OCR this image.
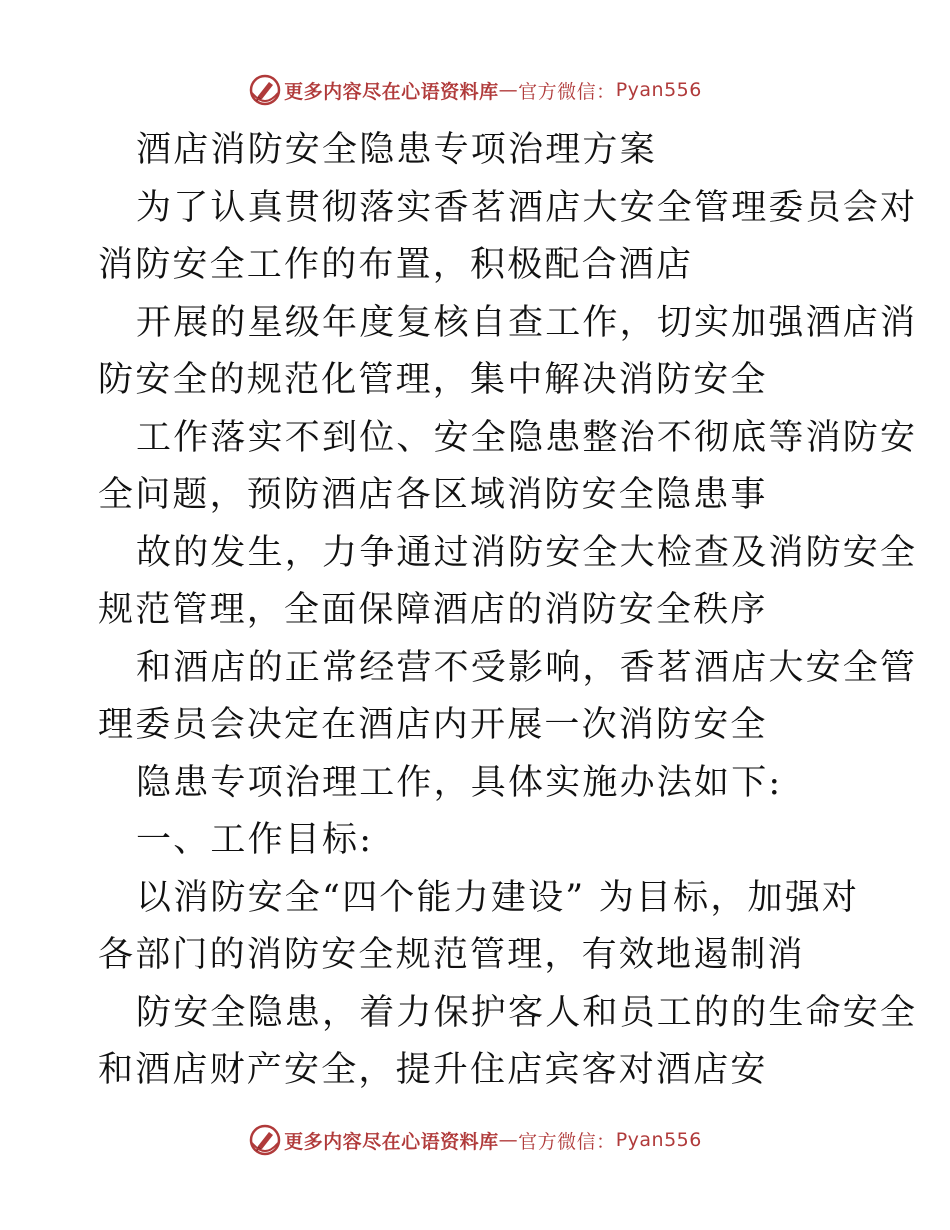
更多内容尽在心语资料库 — 官方微信： Pyan556
酒店消防安全隐患专项治理方案
为了认真贯彻落实香茗酒店大安全管理委员会对
消防安全工作的布置，积极配合酒店
开展的星级年度复核自查工作，切实加强酒店消
防安全的规范化管理，集中解决消防安全
工作落实不到位、安全隐患整治不彻底等消防安
全问题，预防酒店各区域消防安全隐患事
故的发生，力争通过消防安全大检查及消防安全
规范管理，全面保障酒店的消防安全秩序
和酒店的正常经营不受影响，香茗酒店大安全管
理委员会决定在酒店内开展一次消防安全
隐患专项治理工作，具体实施办法如下:
一、工作目标:
以消防安全“四个能力建设” 为目标，加强对
各部门的消防安全规范管理，有效地遏制消
防安全隐患，着力保护客人和员工的的生命安全
和酒店财产安全，提升住店宾客对酒店安
更多内容尽在心语资料库 — 官方微信： Pyan556
